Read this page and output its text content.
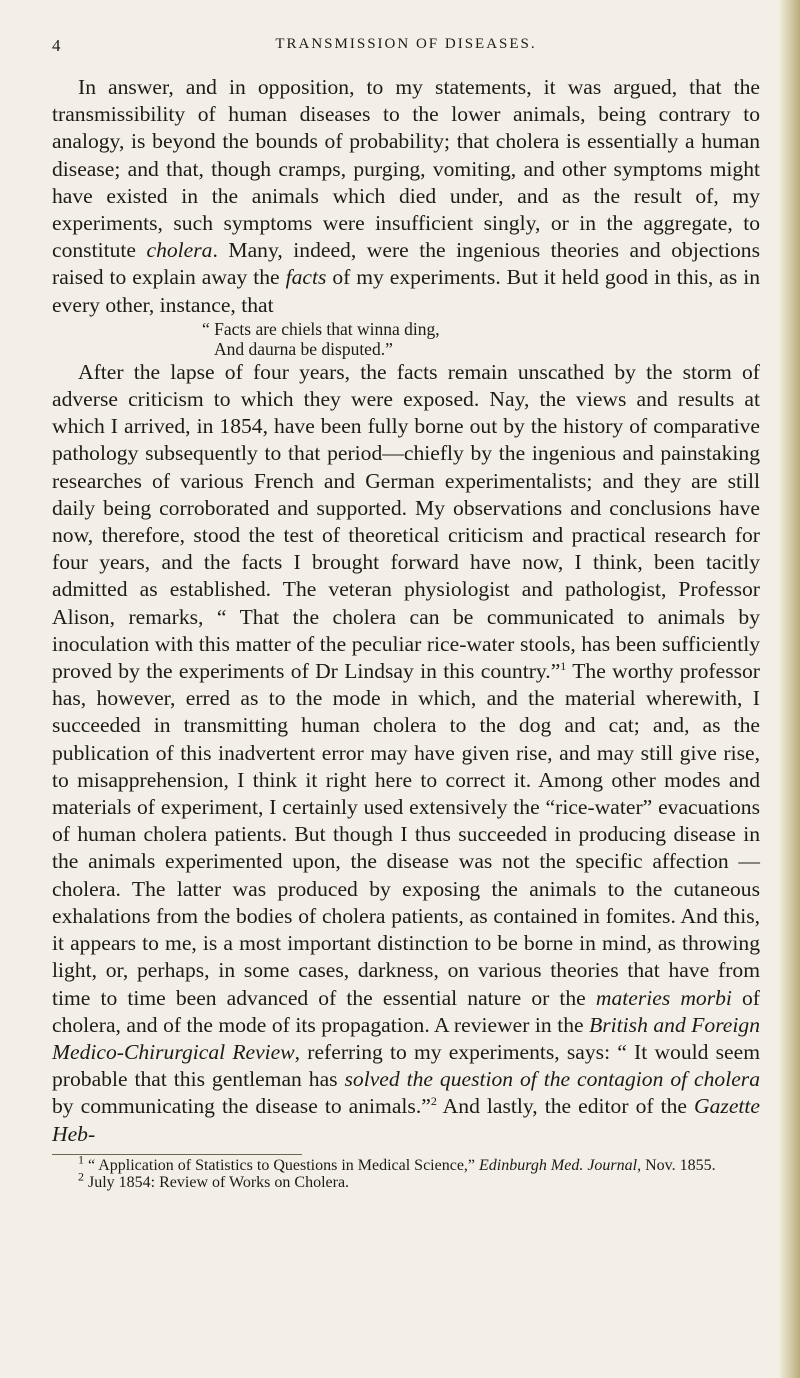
4	TRANSMISSION OF DISEASES.

In answer, and in opposition, to my statements, it was argued, that the transmissibility of human diseases to the lower animals, being contrary to analogy, is beyond the bounds of probability; that cholera is essentially a human disease; and that, though cramps, purging, vomiting, and other symptoms might have existed in the animals which died under, and as the result of, my experiments, such symptoms were insufficient singly, or in the aggregate, to constitute cholera. Many, indeed, were the ingenious theories and objections raised to explain away the facts of my experiments. But it held good in this, as in every other, instance, that

“ Facts are chiels that winna ding,
And daurna be disputed.”

After the lapse of four years, the facts remain unscathed by the storm of adverse criticism to which they were exposed. Nay, the views and results at which I arrived, in 1854, have been fully borne out by the history of comparative pathology subsequently to that period—chiefly by the ingenious and painstaking researches of various French and German experimentalists; and they are still daily being corroborated and supported. My observations and conclusions have now, therefore, stood the test of theoretical criticism and practical research for four years, and the facts I brought forward have now, I think, been tacitly admitted as established. The veteran physiologist and pathologist, Professor Alison, remarks, “ That the cholera can be communicated to animals by inoculation with this matter of the peculiar rice-water stools, has been sufficiently proved by the experiments of Dr Lindsay in this country.”$^1$ The worthy professor has, however, erred as to the mode in which, and the material wherewith, I succeeded in transmitting human cholera to the dog and cat; and, as the publication of this inadvertent error may have given rise, and may still give rise, to misapprehension, I think it right here to correct it. Among other modes and materials of experiment, I certainly used extensively the “rice-water” evacuations of human cholera patients. But though I thus succeeded in producing disease in the animals experimented upon, the disease was not the specific affection —cholera. The latter was produced by exposing the animals to the cutaneous exhalations from the bodies of cholera patients, as contained in fomites. And this, it appears to me, is a most important distinction to be borne in mind, as throwing light, or, perhaps, in some cases, darkness, on various theories that have from time to time been advanced of the essential nature or the materies morbi of cholera, and of the mode of its propagation. A reviewer in the British and Foreign Medico-Chirurgical Review, referring to my experiments, says: “ It would seem probable that this gentleman has solved the question of the contagion of cholera by communicating the disease to animals.”$^2$ And lastly, the editor of the Gazette Heb-

$^1$ “ Application of Statistics to Questions in Medical Science,” Edinburgh Med. Journal, Nov. 1855.

$^2$ July 1854: Review of Works on Cholera.
